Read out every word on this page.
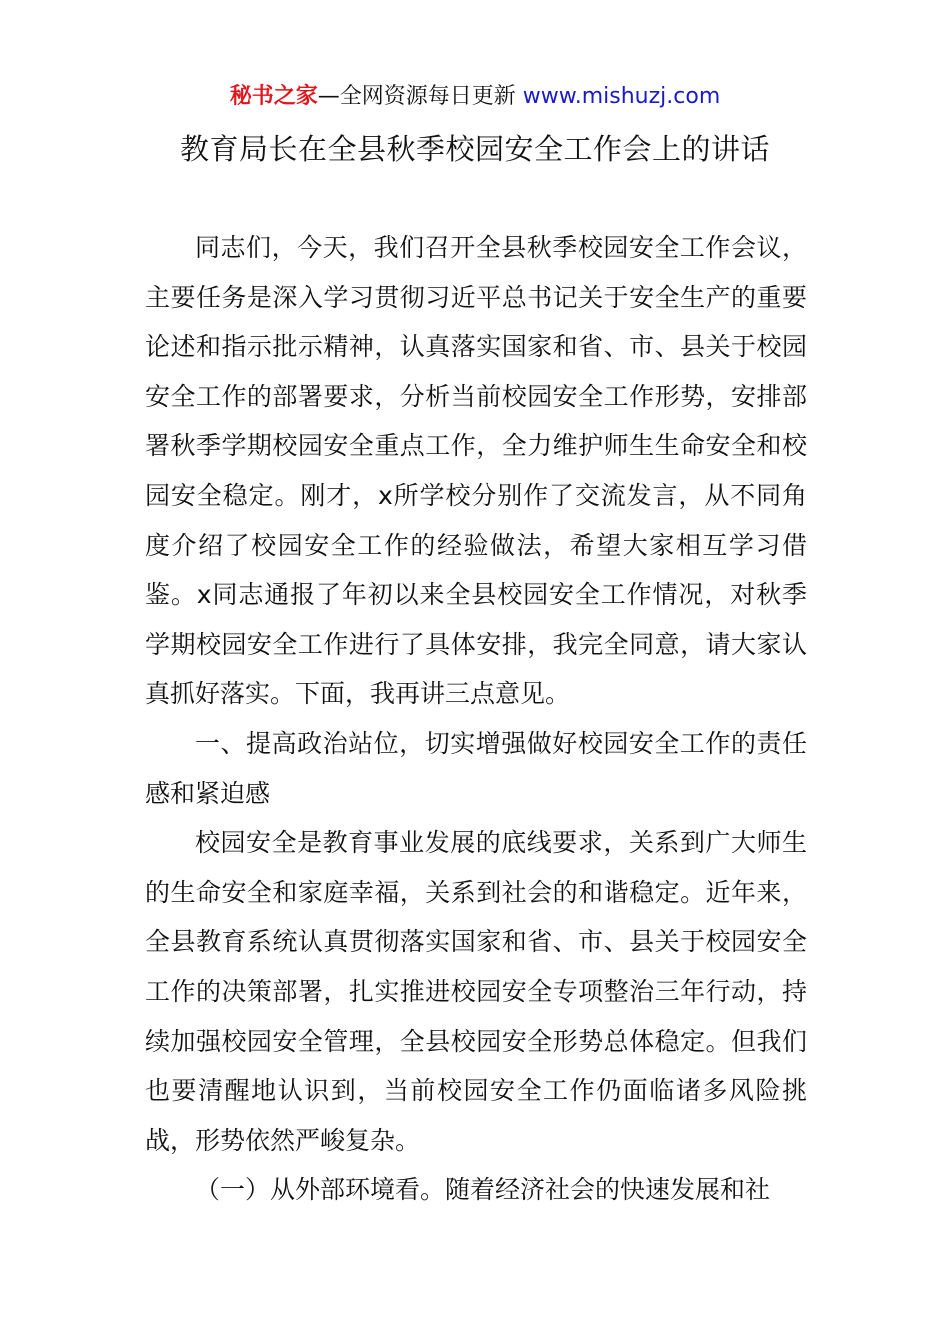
秘书之家—全网资源每日更新 www.mishuzj.com
教育局长在全县秋季校园安全工作会上的讲话

同志们，今天，我们召开全县秋季校园安全工作会议，主要任务是深入学习贯彻习近平总书记关于安全生产的重要论述和指示批示精神，认真落实国家和省、市、县关于校园安全工作的部署要求，分析当前校园安全工作形势，安排部署秋季学期校园安全重点工作，全力维护师生生命安全和校园安全稳定。刚才，x所学校分别作了交流发言，从不同角度介绍了校园安全工作的经验做法，希望大家相互学习借鉴。x同志通报了年初以来全县校园安全工作情况，对秋季学期校园安全工作进行了具体安排，我完全同意，请大家认真抓好落实。下面，我再讲三点意见。

一、提高政治站位，切实增强做好校园安全工作的责任感和紧迫感

校园安全是教育事业发展的底线要求，关系到广大师生的生命安全和家庭幸福，关系到社会的和谐稳定。近年来，全县教育系统认真贯彻落实国家和省、市、县关于校园安全工作的决策部署，扎实推进校园安全专项整治三年行动，持续加强校园安全管理，全县校园安全形势总体稳定。但我们也要清醒地认识到，当前校园安全工作仍面临诸多风险挑战，形势依然严峻复杂。

（一）从外部环境看。随着经济社会的快速发展和社
